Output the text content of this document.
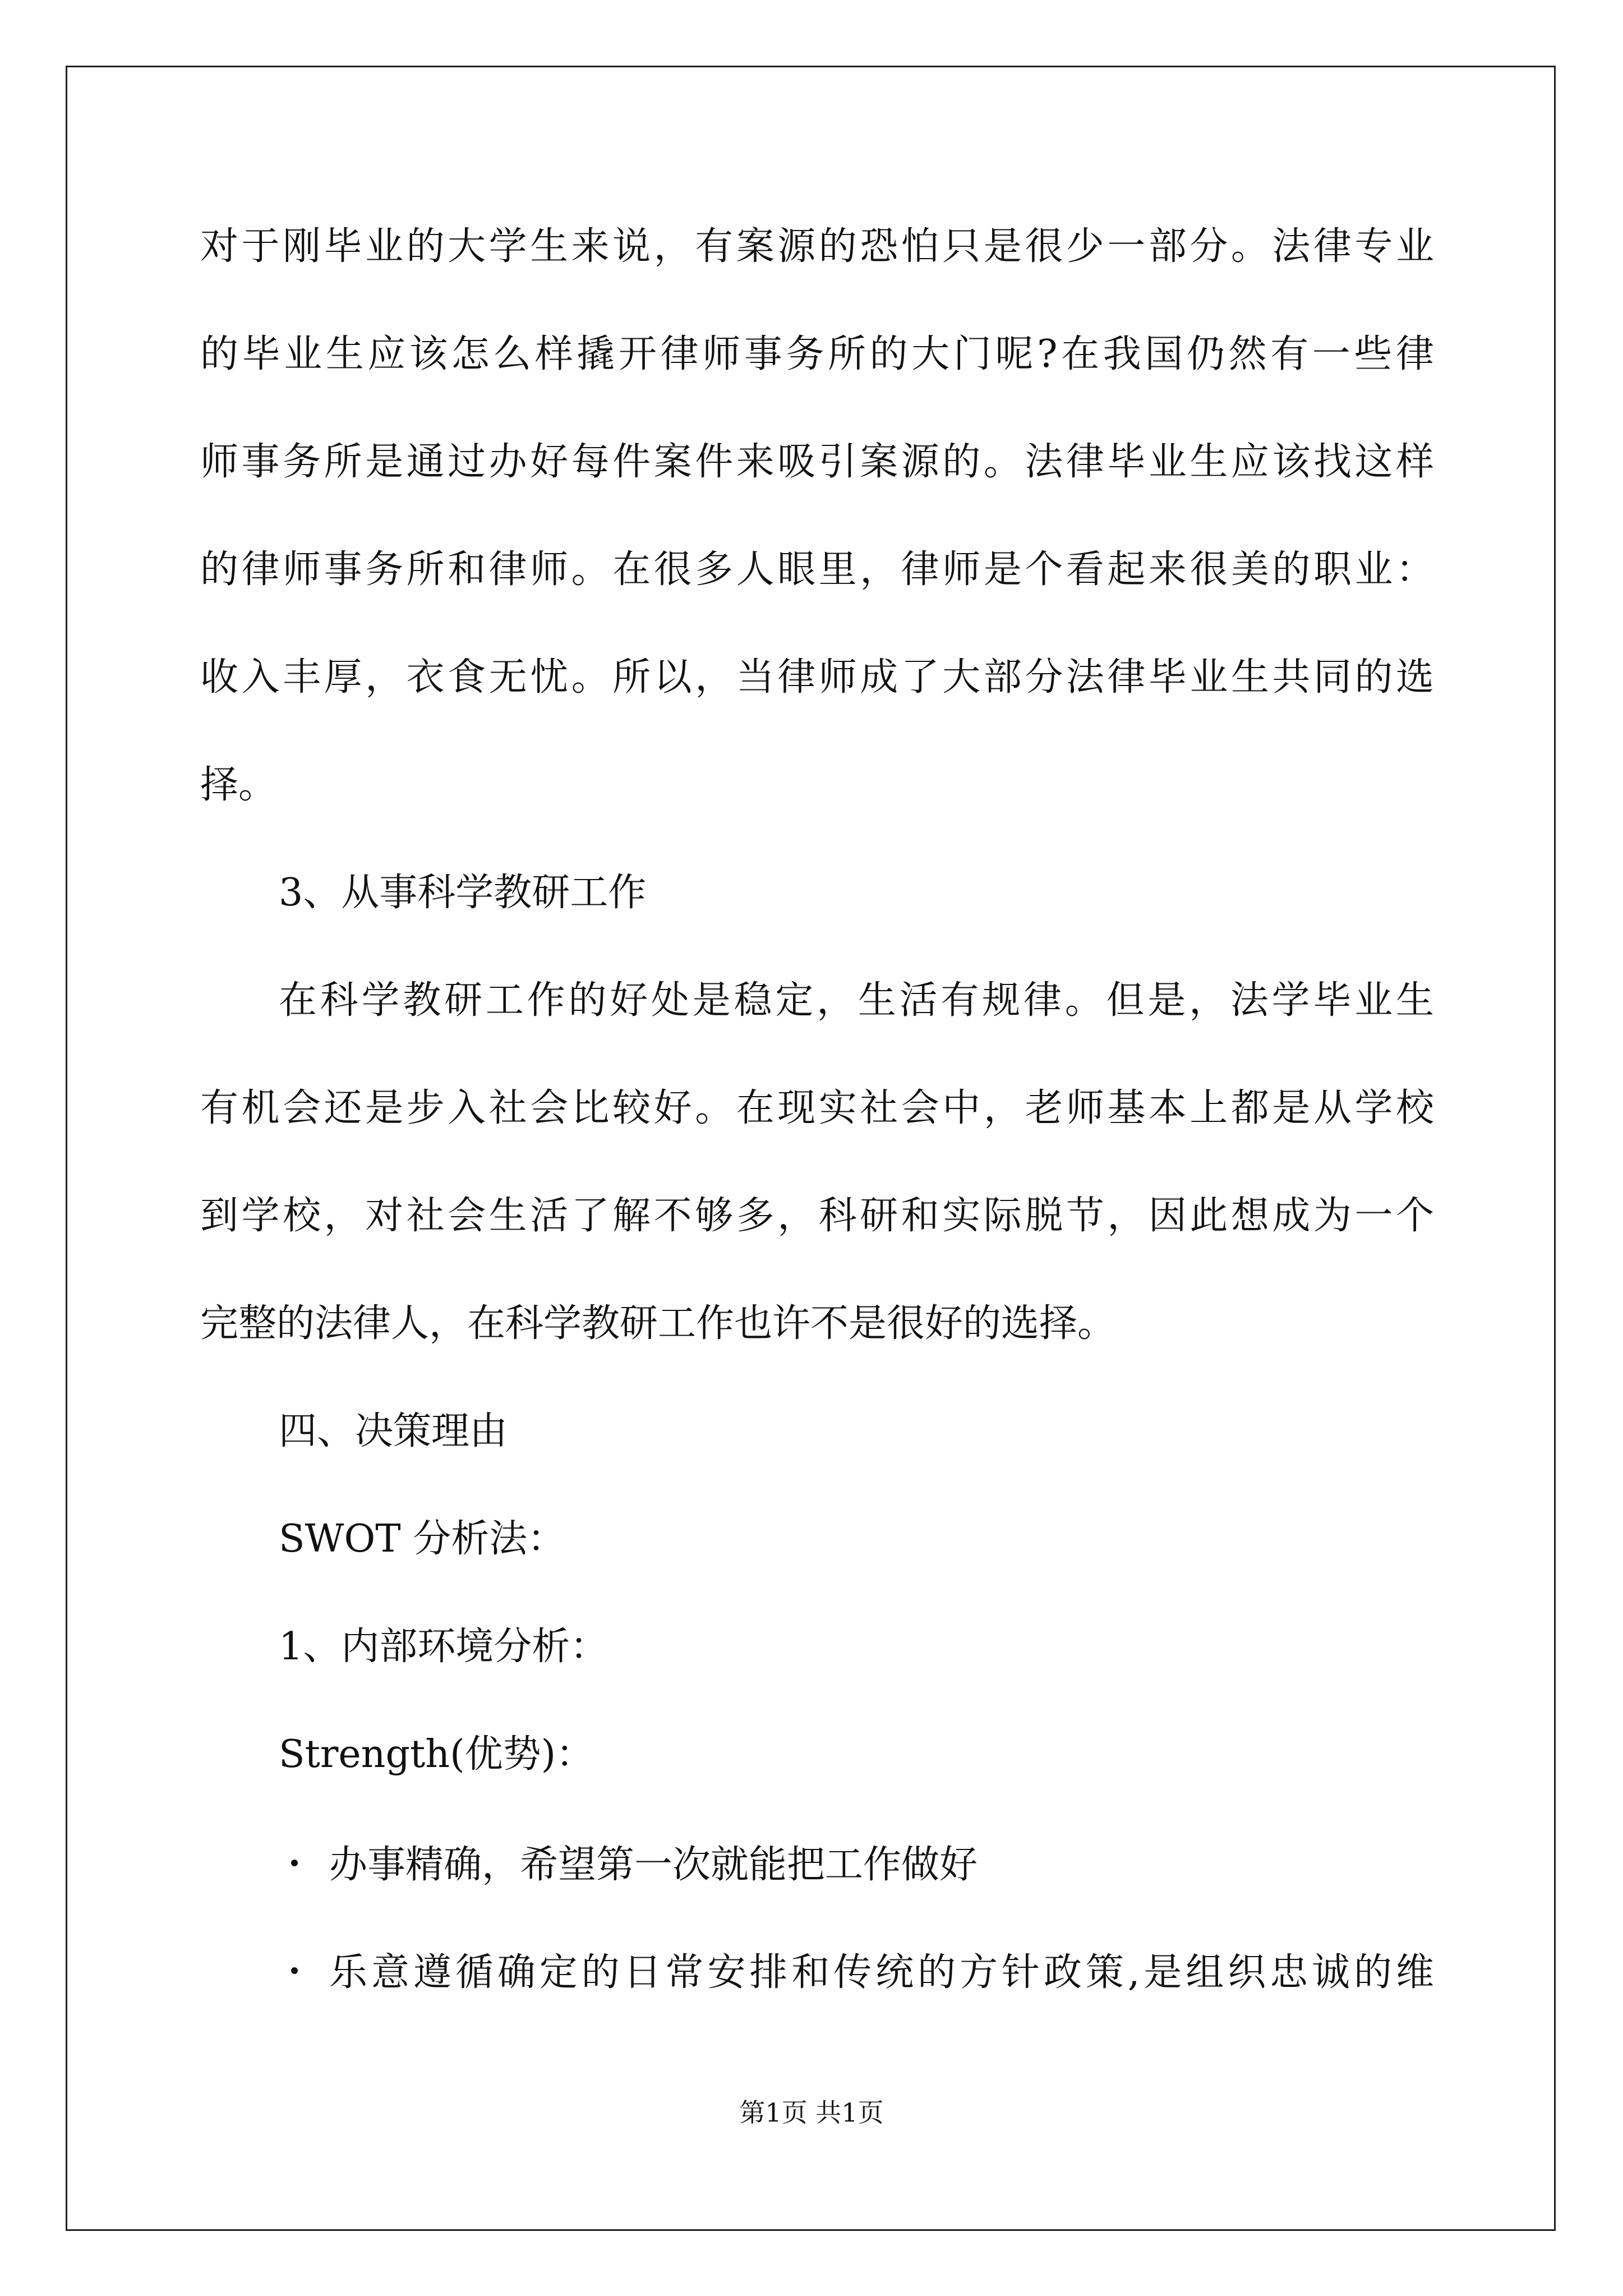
对于刚毕业的大学生来说，有案源的恐怕只是很少一部分。法律专业
的毕业生应该怎么样撬开律师事务所的大门呢?在我国仍然有一些律
师事务所是通过办好每件案件来吸引案源的。法律毕业生应该找这样
的律师事务所和律师。在很多人眼里，律师是个看起来很美的职业：
收入丰厚，衣食无忧。所以，当律师成了大部分法律毕业生共同的选
择。
3、从事科学教研工作
在科学教研工作的好处是稳定，生活有规律。但是，法学毕业生
有机会还是步入社会比较好。在现实社会中，老师基本上都是从学校
到学校，对社会生活了解不够多，科研和实际脱节，因此想成为一个
完整的法律人，在科学教研工作也许不是很好的选择。
四、决策理由
SWOT 分析法：
1、内部环境分析：
Strength(优势)：
办事精确，希望第一次就能把工作做好
乐意遵循确定的日常安排和传统的方针政策,是组织忠诚的维
第1页 共1页
